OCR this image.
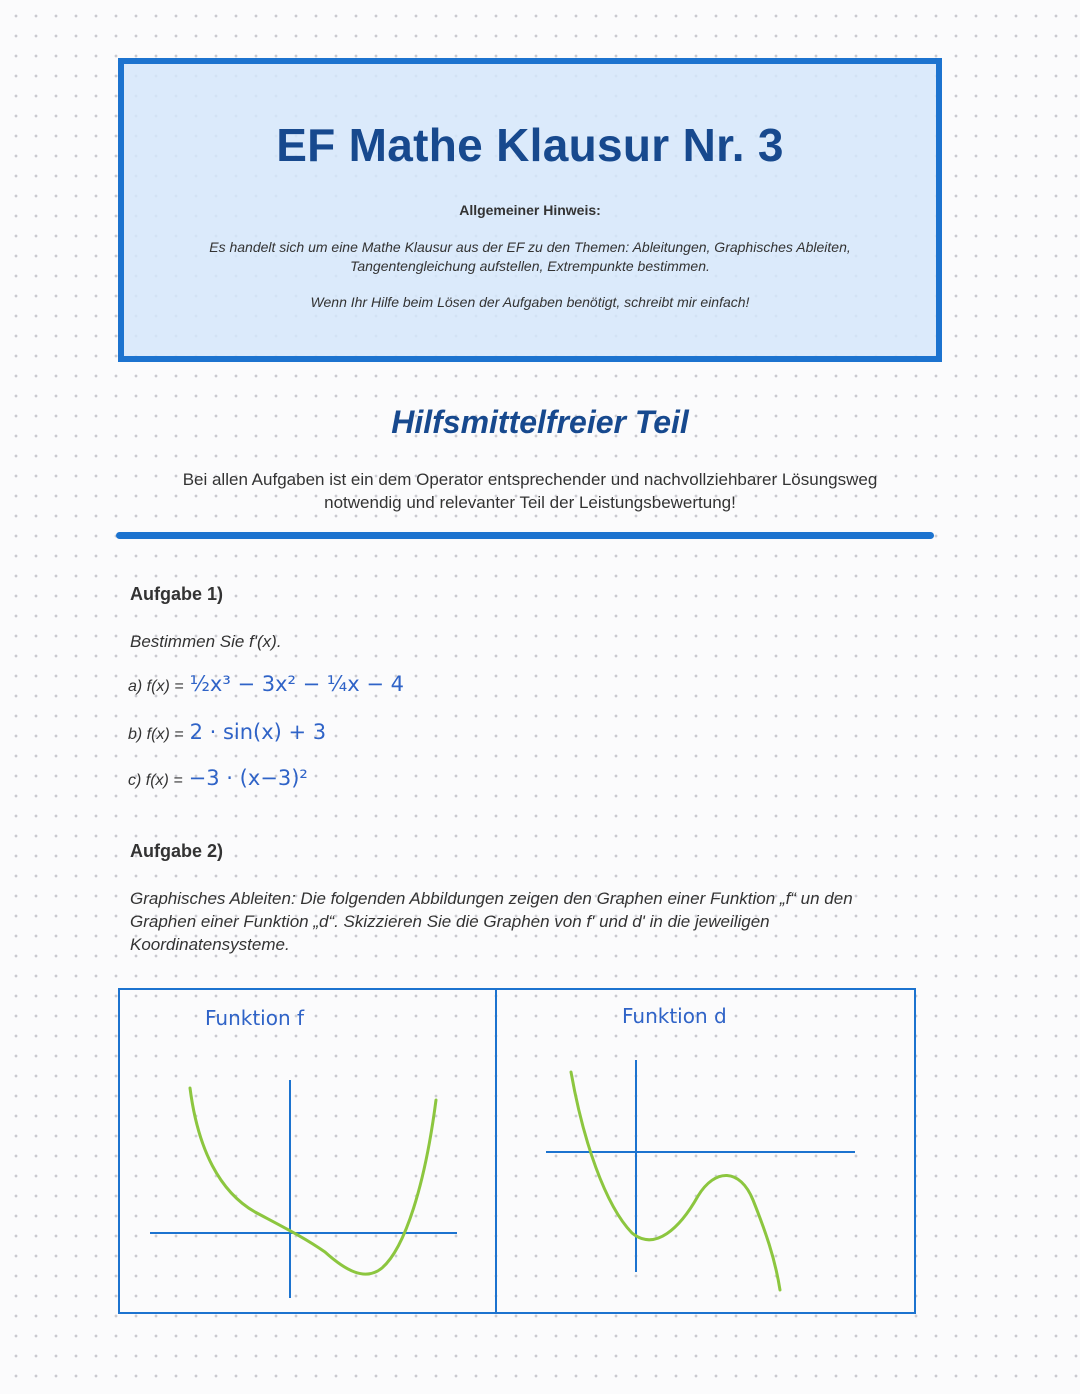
EF Mathe Klausur Nr. 3
Allgemeiner Hinweis:
Es handelt sich um eine Mathe Klausur aus der EF zu den Themen: Ableitungen, Graphisches Ableiten, Tangentengleichung aufstellen, Extrempunkte bestimmen.
Wenn Ihr Hilfe beim Lösen der Aufgaben benötigt, schreibt mir einfach!
Hilfsmittelfreier Teil
Bei allen Aufgaben ist ein dem Operator entsprechender und nachvollziehbarer Lösungsweg notwendig und relevanter Teil der Leistungsbewertung!
Aufgabe 1)
Bestimmen Sie f'(x).
a) f(x) = ½x³ − 3x² − ¼x − 4
b) f(x) = 2 · sin(x) + 3
c) f(x) = −3 · (x−3)²
Aufgabe 2)
Graphisches Ableiten: Die folgenden Abbildungen zeigen den Graphen einer Funktion „f“ un den Graphen einer Funktion „d“. Skizzieren Sie die Graphen von f' und d' in die jeweiligen Koordinatensysteme.
Funktion f	Funktion d
